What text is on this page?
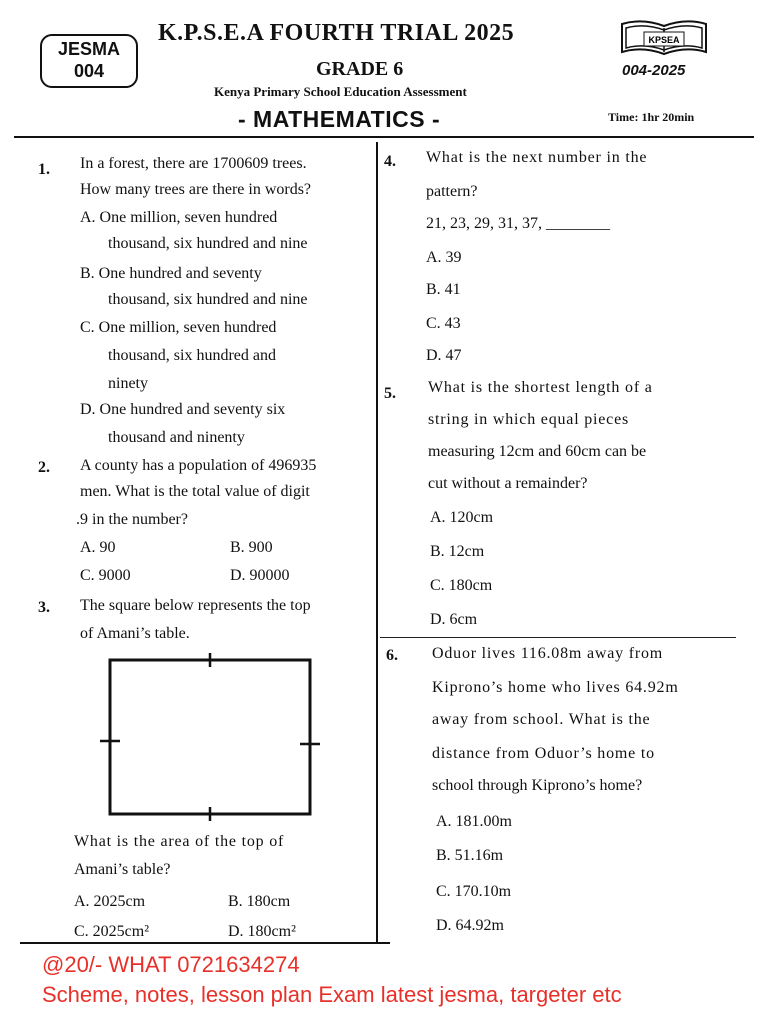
JESMA
004
K.P.S.E.A FOURTH TRIAL 2025
GRADE 6
Kenya Primary School Education Assessment
- MATHEMATICS -	Time: 1hr 20min
KPSEA
004-2025
1. In a forest, there are 1700609 trees.
How many trees are there in words?
A. One million, seven hundred
thousand, six hundred and nine
B. One hundred and seventy
thousand, six hundred and nine
C. One million, seven hundred
thousand, six hundred and
ninety
D. One hundred and seventy six
thousand and ninenty
2. A county has a population of 496935
men. What is the total value of digit
.9 in the number?
A. 90	B. 900
C. 9000	D. 90000
3. The square below represents the top
of Amani’s table.
What is the area of the top of
Amani’s table?
A. 2025cm	B. 180cm
C. 2025cm²	D. 180cm²
4. What is the next number in the
pattern?
21, 23, 29, 31, 37, ________
A. 39
B. 41
C. 43
D. 47
5. What is the shortest length of a
string in which equal pieces
measuring 12cm and 60cm can be
cut without a remainder?
A. 120cm
B. 12cm
C. 180cm
D. 6cm
6. Oduor lives 116.08m away from
Kiprono’s home who lives 64.92m
away from school. What is the
distance from Oduor’s home to
school through Kiprono’s home?
A. 181.00m
B. 51.16m
C. 170.10m
D. 64.92m
@20/- WHAT 0721634274
Scheme, notes, lesson plan Exam latest jesma, targeter etc
